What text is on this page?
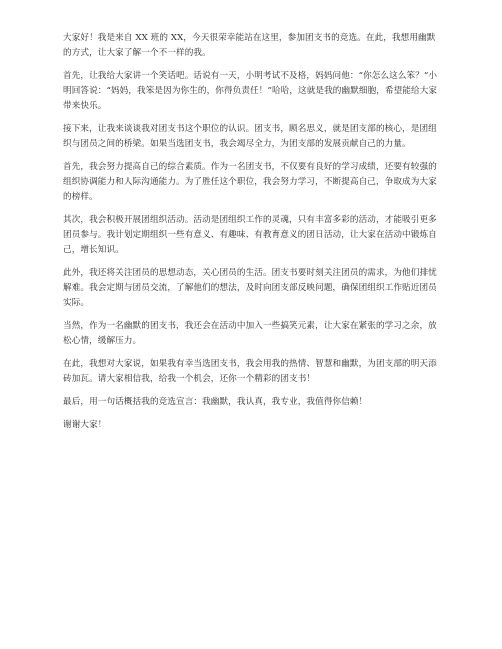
大家好！我是来自 XX 班的 XX，今天很荣幸能站在这里，参加团支书的竞选。在此，我想用幽默的方式，让大家了解一个不一样的我。

首先，让我给大家讲一个笑话吧。话说有一天，小明考试不及格，妈妈问他：“你怎么这么笨？”小明回答说：“妈妈，我笨是因为你生的，你得负责任！”哈哈，这就是我的幽默细胞，希望能给大家带来快乐。

接下来，让我来谈谈我对团支书这个职位的认识。团支书，顾名思义，就是团支部的核心，是团组织与团员之间的桥梁。如果当选团支书，我会竭尽全力，为团支部的发展贡献自己的力量。

首先，我会努力提高自己的综合素质。作为一名团支书，不仅要有良好的学习成绩，还要有较强的组织协调能力和人际沟通能力。为了胜任这个职位，我会努力学习，不断提高自己，争取成为大家的榜样。

其次，我会积极开展团组织活动。活动是团组织工作的灵魂，只有丰富多彩的活动，才能吸引更多团员参与。我计划定期组织一些有意义、有趣味、有教育意义的团日活动，让大家在活动中锻炼自己，增长知识。

此外，我还将关注团员的思想动态，关心团员的生活。团支书要时刻关注团员的需求，为他们排忧解难。我会定期与团员交流，了解他们的想法，及时向团支部反映问题，确保团组织工作贴近团员实际。

当然，作为一名幽默的团支书，我还会在活动中加入一些搞笑元素，让大家在紧张的学习之余，放松心情，缓解压力。

在此，我想对大家说，如果我有幸当选团支书，我会用我的热情、智慧和幽默，为团支部的明天添砖加瓦。请大家相信我，给我一个机会，还你一个精彩的团支书！

最后，用一句话概括我的竞选宣言：我幽默，我认真，我专业，我值得你信赖！

谢谢大家！
